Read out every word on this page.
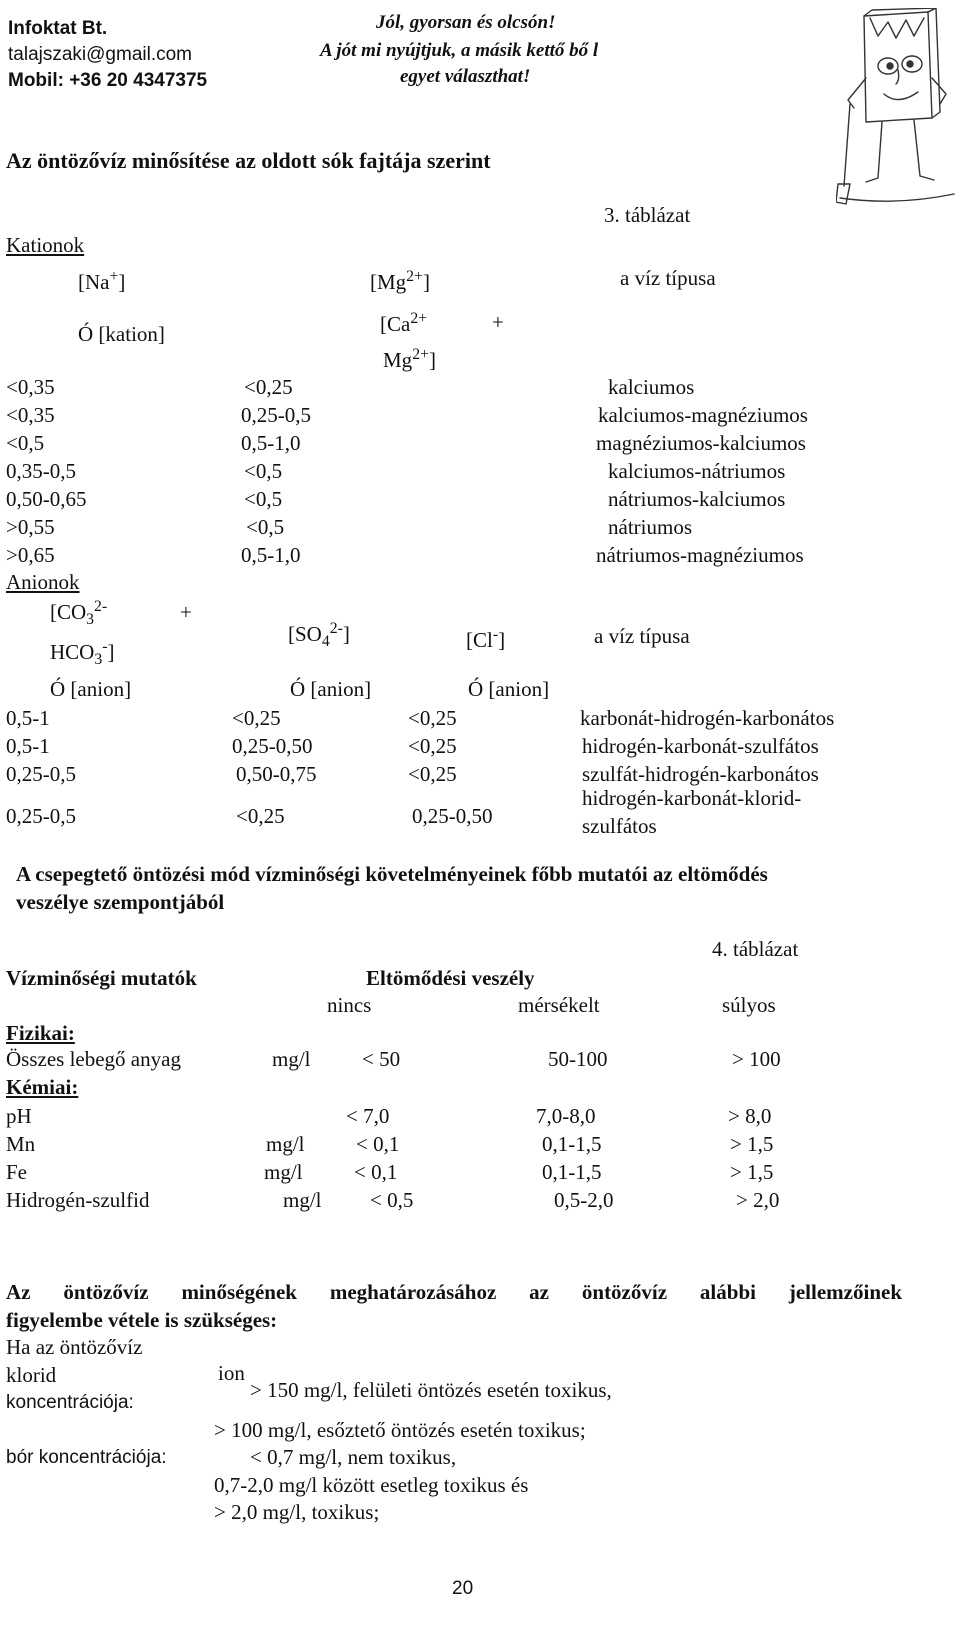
Infoktat Bt.
talajszaki@gmail.com
Mobil: +36 20 4347375
Jól, gyorsan és olcsón!
A jót mi nyújtjuk, a másik kettő bő l
egyet választhat!
Az öntözővíz minősítése az oldott sók fajtája szerint
3. táblázat
Kationok
[Na+]	$[Mg^{2+}]$	a víz típusa
Ó [kation]	[$Ca^{2+}$	+
$Mg^{2+}$]
<0,35	<0,25	kalciumos
<0,35	0,25-0,5	kalciumos-magnéziumos
<0,5	0,5-1,0	magnéziumos-kalciumos
0,35-0,5	<0,5	kalciumos-nátriumos
0,50-0,65	<0,5	nátriumos-kalciumos
>0,55	<0,5	nátriumos
>0,65	0,5-1,0	nátriumos-magnéziumos
Anionok
[$CO_3^{2-}$	+
$HCO_3^-$]
$[SO_4^{2-}]$	[Cl-]	a víz típusa
Ó [anion]	Ó [anion]	Ó [anion]
0,5-1	<0,25	<0,25	karbonát-hidrogén-karbonátos
0,5-1	0,25-0,50	<0,25	hidrogén-karbonát-szulfátos
0,25-0,5	0,50-0,75	<0,25	szulfát-hidrogén-karbonátos
0,25-0,5	<0,25	0,25-0,50
hidrogén-karbonát-klorid-
szulfátos
A csepegtető öntözési mód vízminőségi követelményeinek főbb mutatói az eltömődés
veszélye szempontjából
4. táblázat
Vízminőségi mutatók	Eltömődési veszély
nincs	mérsékelt	súlyos
Fizikai:
Összes lebegő anyag	mg/l < 50	50-100	> 100
Kémiai:
pH	< 7,0	7,0-8,0	> 8,0
Mn	mg/l < 0,1	0,1-1,5	> 1,5
Fe	mg/l < 0,1	0,1-1,5	> 1,5
Hidrogén-szulfid	mg/l < 0,5	0,5-2,0	> 2,0
Az öntözővíz minőségének meghatározásához az öntözővíz alábbi jellemzőinek
figyelembe vétele is szükséges:
Ha az öntözővíz
klorid	ion
koncentrációja:
> 150 mg/l, felületi öntözés esetén toxikus,
> 100 mg/l, esőztető öntözés esetén toxikus;
bór koncentrációja:	< 0,7 mg/l, nem toxikus,
0,7-2,0 mg/l között esetleg toxikus és
> 2,0 mg/l, toxikus;
20
